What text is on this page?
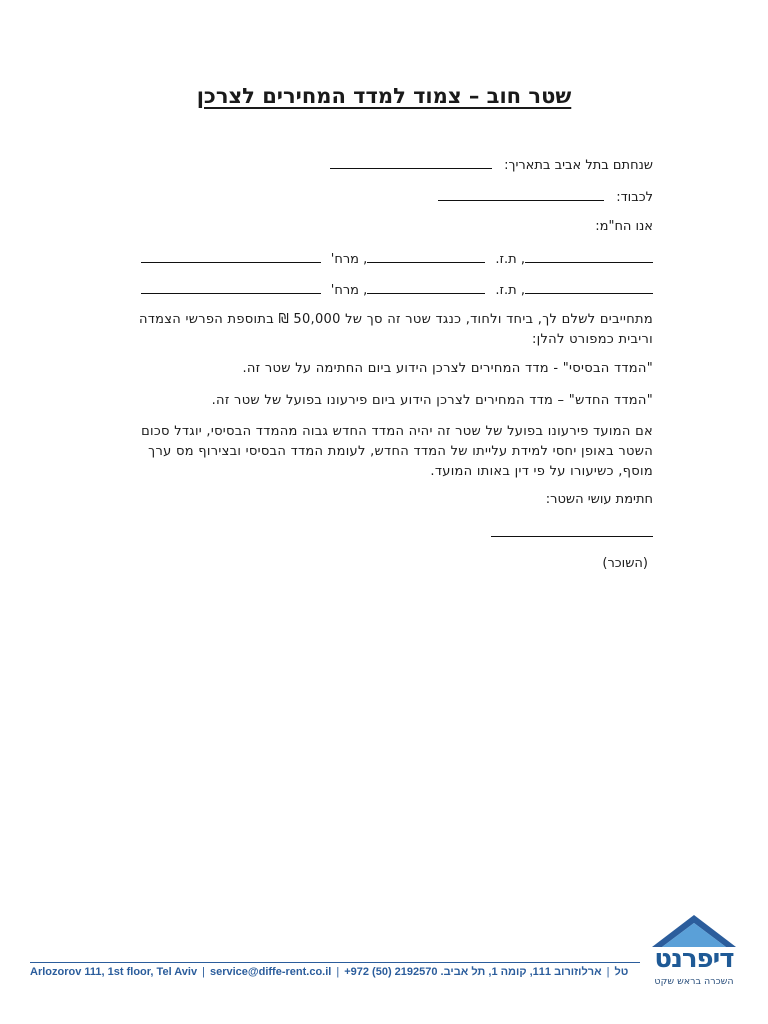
שטר חוב – צמוד למדד המחירים לצרכן
שנחתם בתל אביב בתאריך:
לכבוד:
אנו הח"מ:
, ת.ז. , מרח'
, ת.ז. , מרח'
מתחייבים לשלם לך, ביחד ולחוד, כנגד שטר זה סך של 50,000 ₪ בתוספת הפרשי הצמדה וריבית כמפורט להלן:
"המדד הבסיסי" - מדד המחירים לצרכן הידוע ביום החתימה על שטר זה.
"המדד החדש" – מדד המחירים לצרכן הידוע ביום פירעונו בפועל של שטר זה.
אם המועד פירעונו בפועל של שטר זה יהיה המדד החדש גבוה מהמדד הבסיסי, יוגדל סכום השטר באופן יחסי למידת עלייתו של המדד החדש, לעומת המדד הבסיסי ובצירוף מס ערך מוסף, כשיעורו על פי דין באותו המועד.
חתימת עושי השטר:
(השוכר)
Arlozorov 111, 1st floor, Tel Aviv | service@diffe-rent.co.il | +972 (50) 2192570 .טל|ארלוזורוב 111, קומה 1, תל אביב	דיפרנט
השכרה בראש שקט
